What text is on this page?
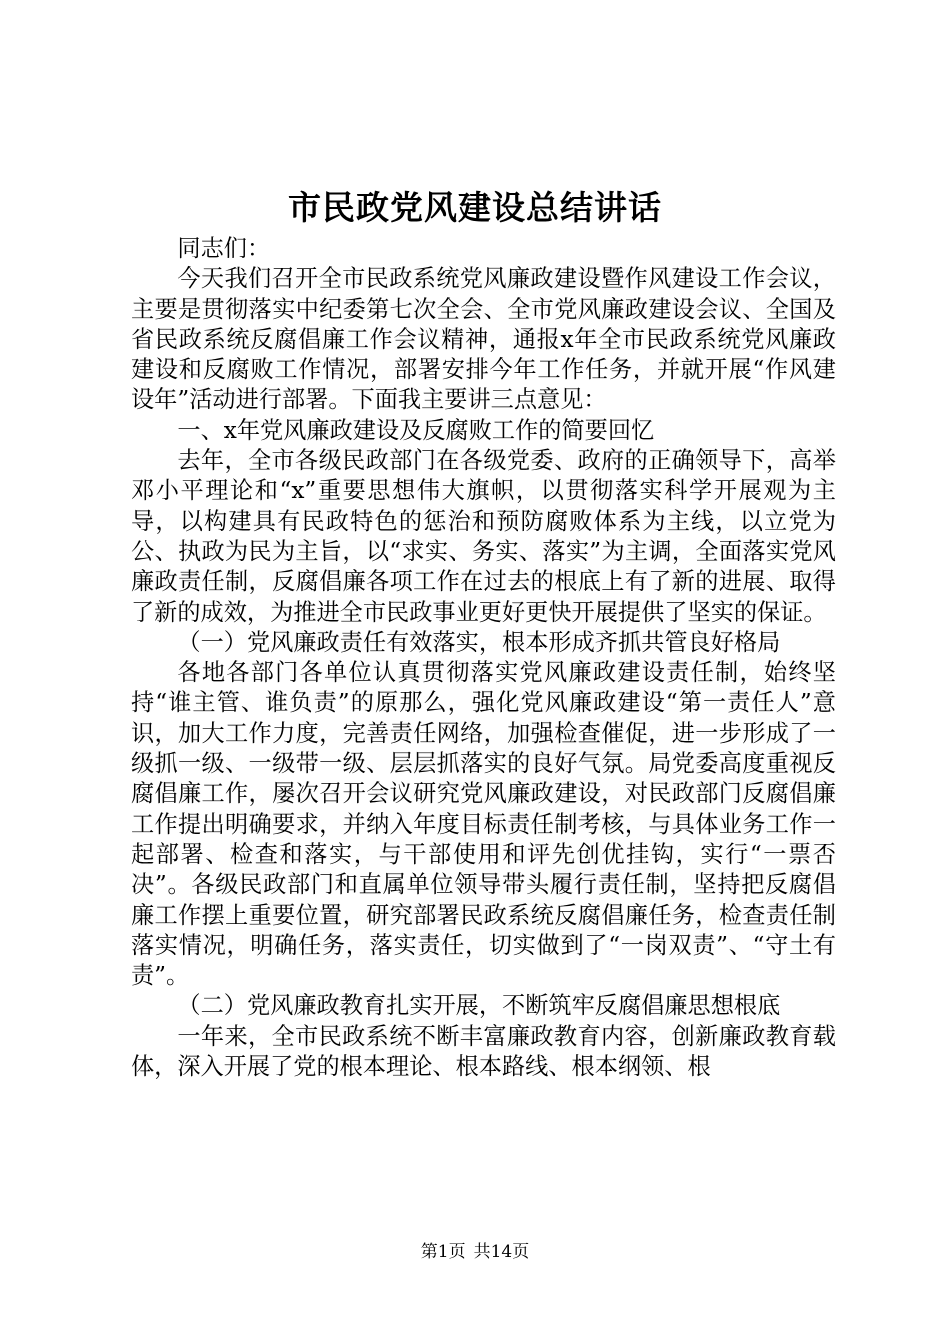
市民政党风建设总结讲话

同志们：

今天我们召开全市民政系统党风廉政建设暨作风建设工作会议，主要是贯彻落实中纪委第七次全会、全市党风廉政建设会议、全国及省民政系统反腐倡廉工作会议精神，通报x年全市民政系统党风廉政建设和反腐败工作情况，部署安排今年工作任务，并就开展“作风建设年”活动进行部署。下面我主要讲三点意见：

一、x年党风廉政建设及反腐败工作的简要回忆

去年，全市各级民政部门在各级党委、政府的正确领导下，高举邓小平理论和“x”重要思想伟大旗帜，以贯彻落实科学开展观为主导，以构建具有民政特色的惩治和预防腐败体系为主线，以立党为公、执政为民为主旨，以“求实、务实、落实”为主调，全面落实党风廉政责任制，反腐倡廉各项工作在过去的根底上有了新的进展、取得了新的成效，为推进全市民政事业更好更快开展提供了坚实的保证。

（一）党风廉政责任有效落实，根本形成齐抓共管良好格局

各地各部门各单位认真贯彻落实党风廉政建设责任制，始终坚持“谁主管、谁负责”的原那么，强化党风廉政建设“第一责任人”意识，加大工作力度，完善责任网络，加强检查催促，进一步形成了一级抓一级、一级带一级、层层抓落实的良好气氛。局党委高度重视反腐倡廉工作，屡次召开会议研究党风廉政建设，对民政部门反腐倡廉工作提出明确要求，并纳入年度目标责任制考核，与具体业务工作一起部署、检查和落实，与干部使用和评先创优挂钩，实行“一票否决”。各级民政部门和直属单位领导带头履行责任制，坚持把反腐倡廉工作摆上重要位置，研究部署民政系统反腐倡廉任务，检查责任制落实情况，明确任务，落实责任，切实做到了“一岗双责”、“守土有责”。

（二）党风廉政教育扎实开展，不断筑牢反腐倡廉思想根底

一年来，全市民政系统不断丰富廉政教育内容，创新廉政教育载体，深入开展了党的根本理论、根本路线、根本纲领、根

第1页 共14页
